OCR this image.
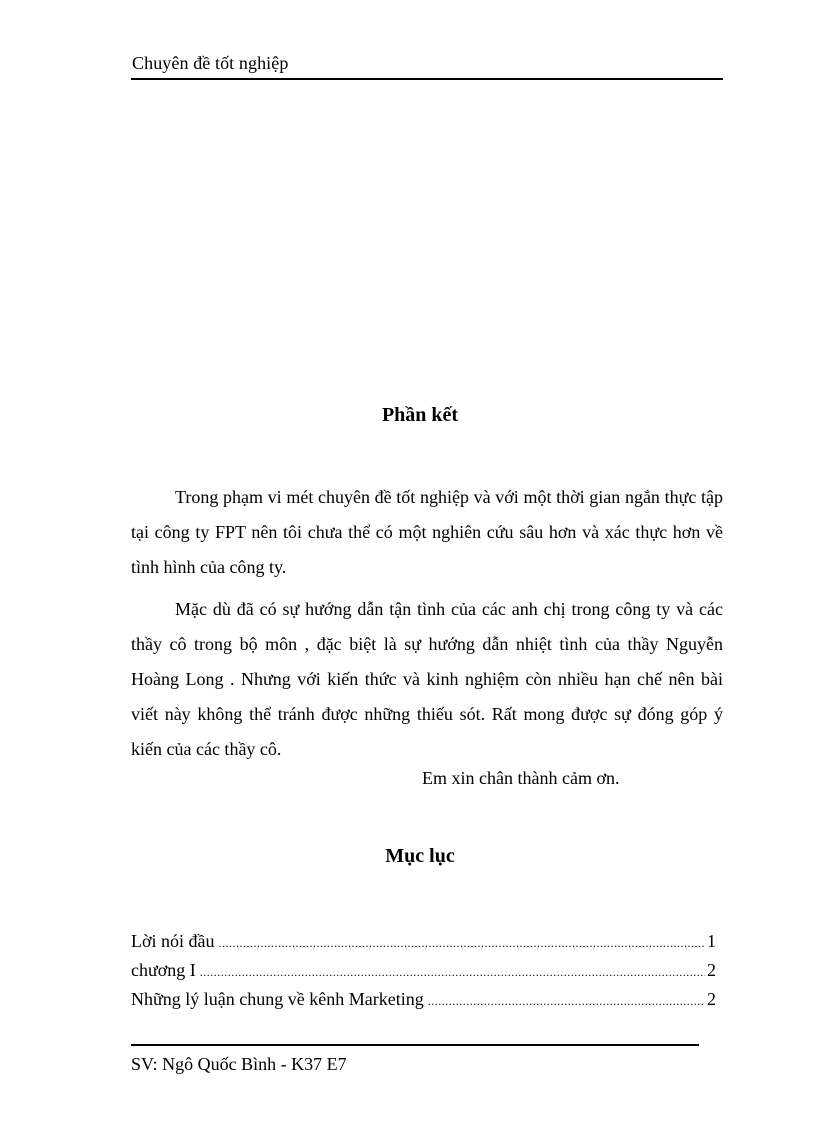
Chuyên đề tốt nghiệp
Phần kết

Trong phạm vi mét chuyên đề tốt nghiệp và với một thời gian ngắn thực tập tại công ty FPT nên tôi chưa thể có một nghiên cứu sâu hơn và xác thực hơn về tình hình của công ty.

Mặc dù đã có sự hướng dẫn tận tình của các anh chị trong công ty và các thầy cô trong bộ môn , đặc biệt là sự hướng dẫn nhiệt tình của thầy Nguyễn Hoàng Long . Nhưng với kiến thức và kinh nghiệm còn nhiều hạn chế nên bài viết này không thể tránh được những thiếu sót. Rất mong được sự đóng góp ý kiến của các thầy cô.

Em xin chân thành cảm ơn.
Mục lục
Lời nói đầu .....	1
chương I .....	2
Những lý luận chung về kênh Marketing .....	2
SV: Ngô Quốc Bình - K37 E7
